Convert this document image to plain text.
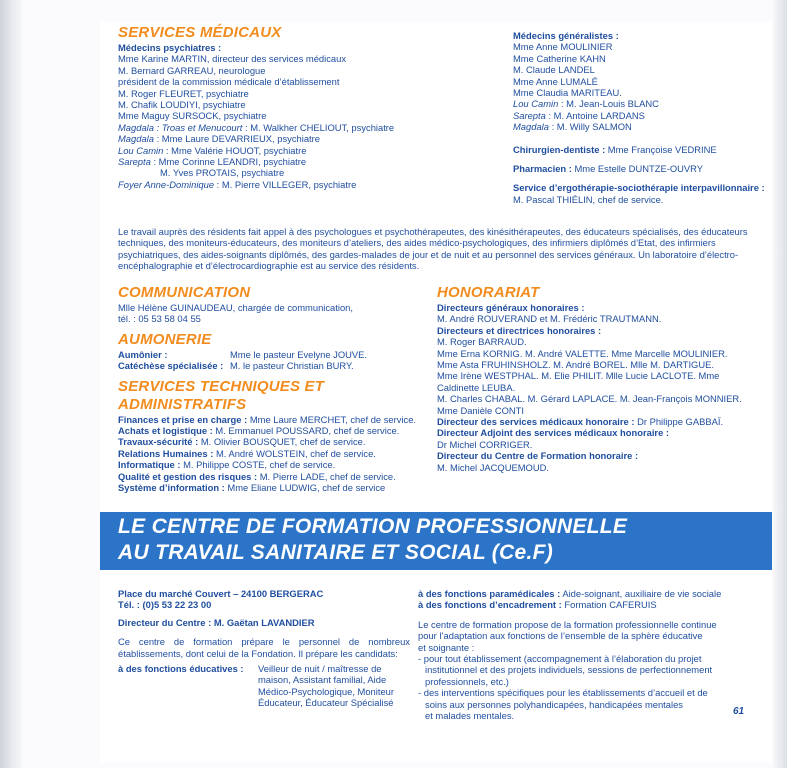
SERVICES MÉDICAUX
Médecins psychiatres :
Mme Karine MARTIN, directeur des services médicaux
M. Bernard GARREAU, neurologue
président de la commission médicale d’établissement
M. Roger FLEURET, psychiatre
M. Chafik LOUDIYI, psychiatre
Mme Maguy SURSOCK, psychiatre
Magdala : Troas et Menucourt : M. Walkher CHELIOUT, psychiatre
Magdala : Mme Laure DEVARRIEUX, psychiatre
Lou Camin : Mme Valérie HOUOT, psychiatre
Sarepta : Mme Corinne LEANDRI, psychiatre
M. Yves PROTAIS, psychiatre
Foyer Anne-Dominique : M. Pierre VILLEGER, psychiatre
Médecins généralistes :
Mme Anne MOULINIER
Mme Catherine KAHN
M. Claude LANDEL
Mme Anne LUMALÉ
Mme Claudia MARITEAU.
Lou Camin : M. Jean-Louis BLANC
Sarepta : M. Antoine LARDANS
Magdala : M. Willy SALMON
Chirurgien-dentiste : Mme Françoise VEDRINE
Pharmacien : Mme Estelle DUNTZE-OUVRY
Service d’ergothérapie-sociothérapie interpavillonnaire :
M. Pascal THIÉLIN, chef de service.
Le travail auprès des résidents fait appel à des psychologues et psychothérapeutes, des kinésithérapeutes, des éducateurs spécialisés, des éducateurs techniques, des moniteurs-éducateurs, des moniteurs d’ateliers, des aides médico-psychologiques, des infirmiers diplômés d’Etat, des infirmiers psychiatriques, des aides-soignants diplômés, des gardes-malades de jour et de nuit et au personnel des services généraux. Un laboratoire d’électro-encéphalographie et d’électrocardiographie est au service des résidents.
COMMUNICATION
Mlle Hélène GUINAUDEAU, chargée de communication,
tél. : 05 53 58 04 55
AUMONERIE
Aumônier :	Mme le pasteur Evelyne JOUVE.
Catéchèse spécialisée : M. le pasteur Christian BURY.
SERVICES TECHNIQUES ET ADMINISTRATIFS
Finances et prise en charge : Mme Laure MERCHET, chef de service.
Achats et logistique : M. Emmanuel POUSSARD, chef de service.
Travaux-sécurité : M. Olivier BOUSQUET, chef de service.
Relations Humaines : M. André WOLSTEIN, chef de service.
Informatique : M. Philippe COSTE, chef de service.
Qualité et gestion des risques : M. Pierre LADE, chef de service.
Système d’information : Mme Eliane LUDWIG, chef de service
HONORARIAT
Directeurs généraux honoraires :
M. André ROUVERAND et M. Frédéric TRAUTMANN.
Directeurs et directrices honoraires :
M. Roger BARRAUD.
Mme Erna KORNIG. M. André VALETTE. Mme Marcelle MOULINIER.
Mme Asta FRUHINSHOLZ. M. André BOREL. Mlle M. DARTIGUE.
Mme Irène WESTPHAL. M. Elie PHILIT. Mlle Lucie LACLOTE. Mme
Caldinette LEUBA.
M. Charles CHABAL. M. Gérard LAPLACE. M. Jean-François MONNIER.
Mme Danièle CONTI
Directeur des services médicaux honoraire : Dr Philippe GABBAÏ.
Directeur Adjoint des services médicaux honoraire :
Dr Michel CORRIGER.
Directeur du Centre de Formation honoraire :
M. Michel JACQUEMOUD.
LE CENTRE DE FORMATION PROFESSIONNELLE
AU TRAVAIL SANITAIRE ET SOCIAL (Ce.F)
Place du marché Couvert – 24100 BERGERAC
Tél. : (0)5 53 22 23 00
Directeur du Centre : M. Gaëtan LAVANDIER
Ce centre de formation prépare le personnel de nombreux établissements, dont celui de la Fondation. Il prépare les candidats:
à des fonctions éducatives :	Veilleur de nuit / maîtresse de
maison, Assistant familial, Aide
Médico-Psychologique, Moniteur
Éducateur, Éducateur Spécialisé
à des fonctions paramédicales : Aide-soignant, auxiliaire de vie sociale
à des fonctions d’encadrement : Formation CAFERUIS
Le centre de formation propose de la formation professionnelle continue
pour l’adaptation aux fonctions de l’ensemble de la sphère éducative
et soignante :
- pour tout établissement (accompagnement à l’élaboration du projet
institutionnel et des projets individuels, sessions de perfectionnement
professionnels, etc.)
- des interventions spécifiques pour les établissements d’accueil et de
soins aux personnes polyhandicapées, handicapées mentales
et malades mentales.	61
